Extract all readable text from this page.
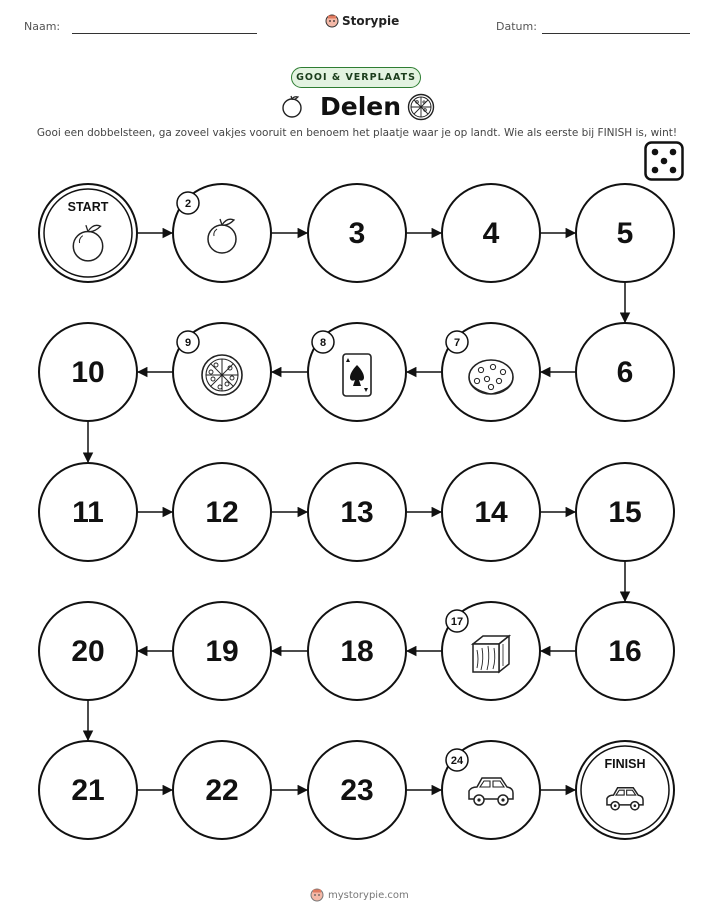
Naam:	Storypie	Datum:
GOOI & VERPLAATS
Delen
Gooi een dobbelsteen, ga zoveel vakjes vooruit en benoem het plaatje waar je op landt. Wie als eerste bij FINISH is, wint!
START	2
3	4	5
6
7
8
9
10
11	12	13	14	15
16
17
18
19
20
21	22	23
24	FINISH
mystorypie.com
